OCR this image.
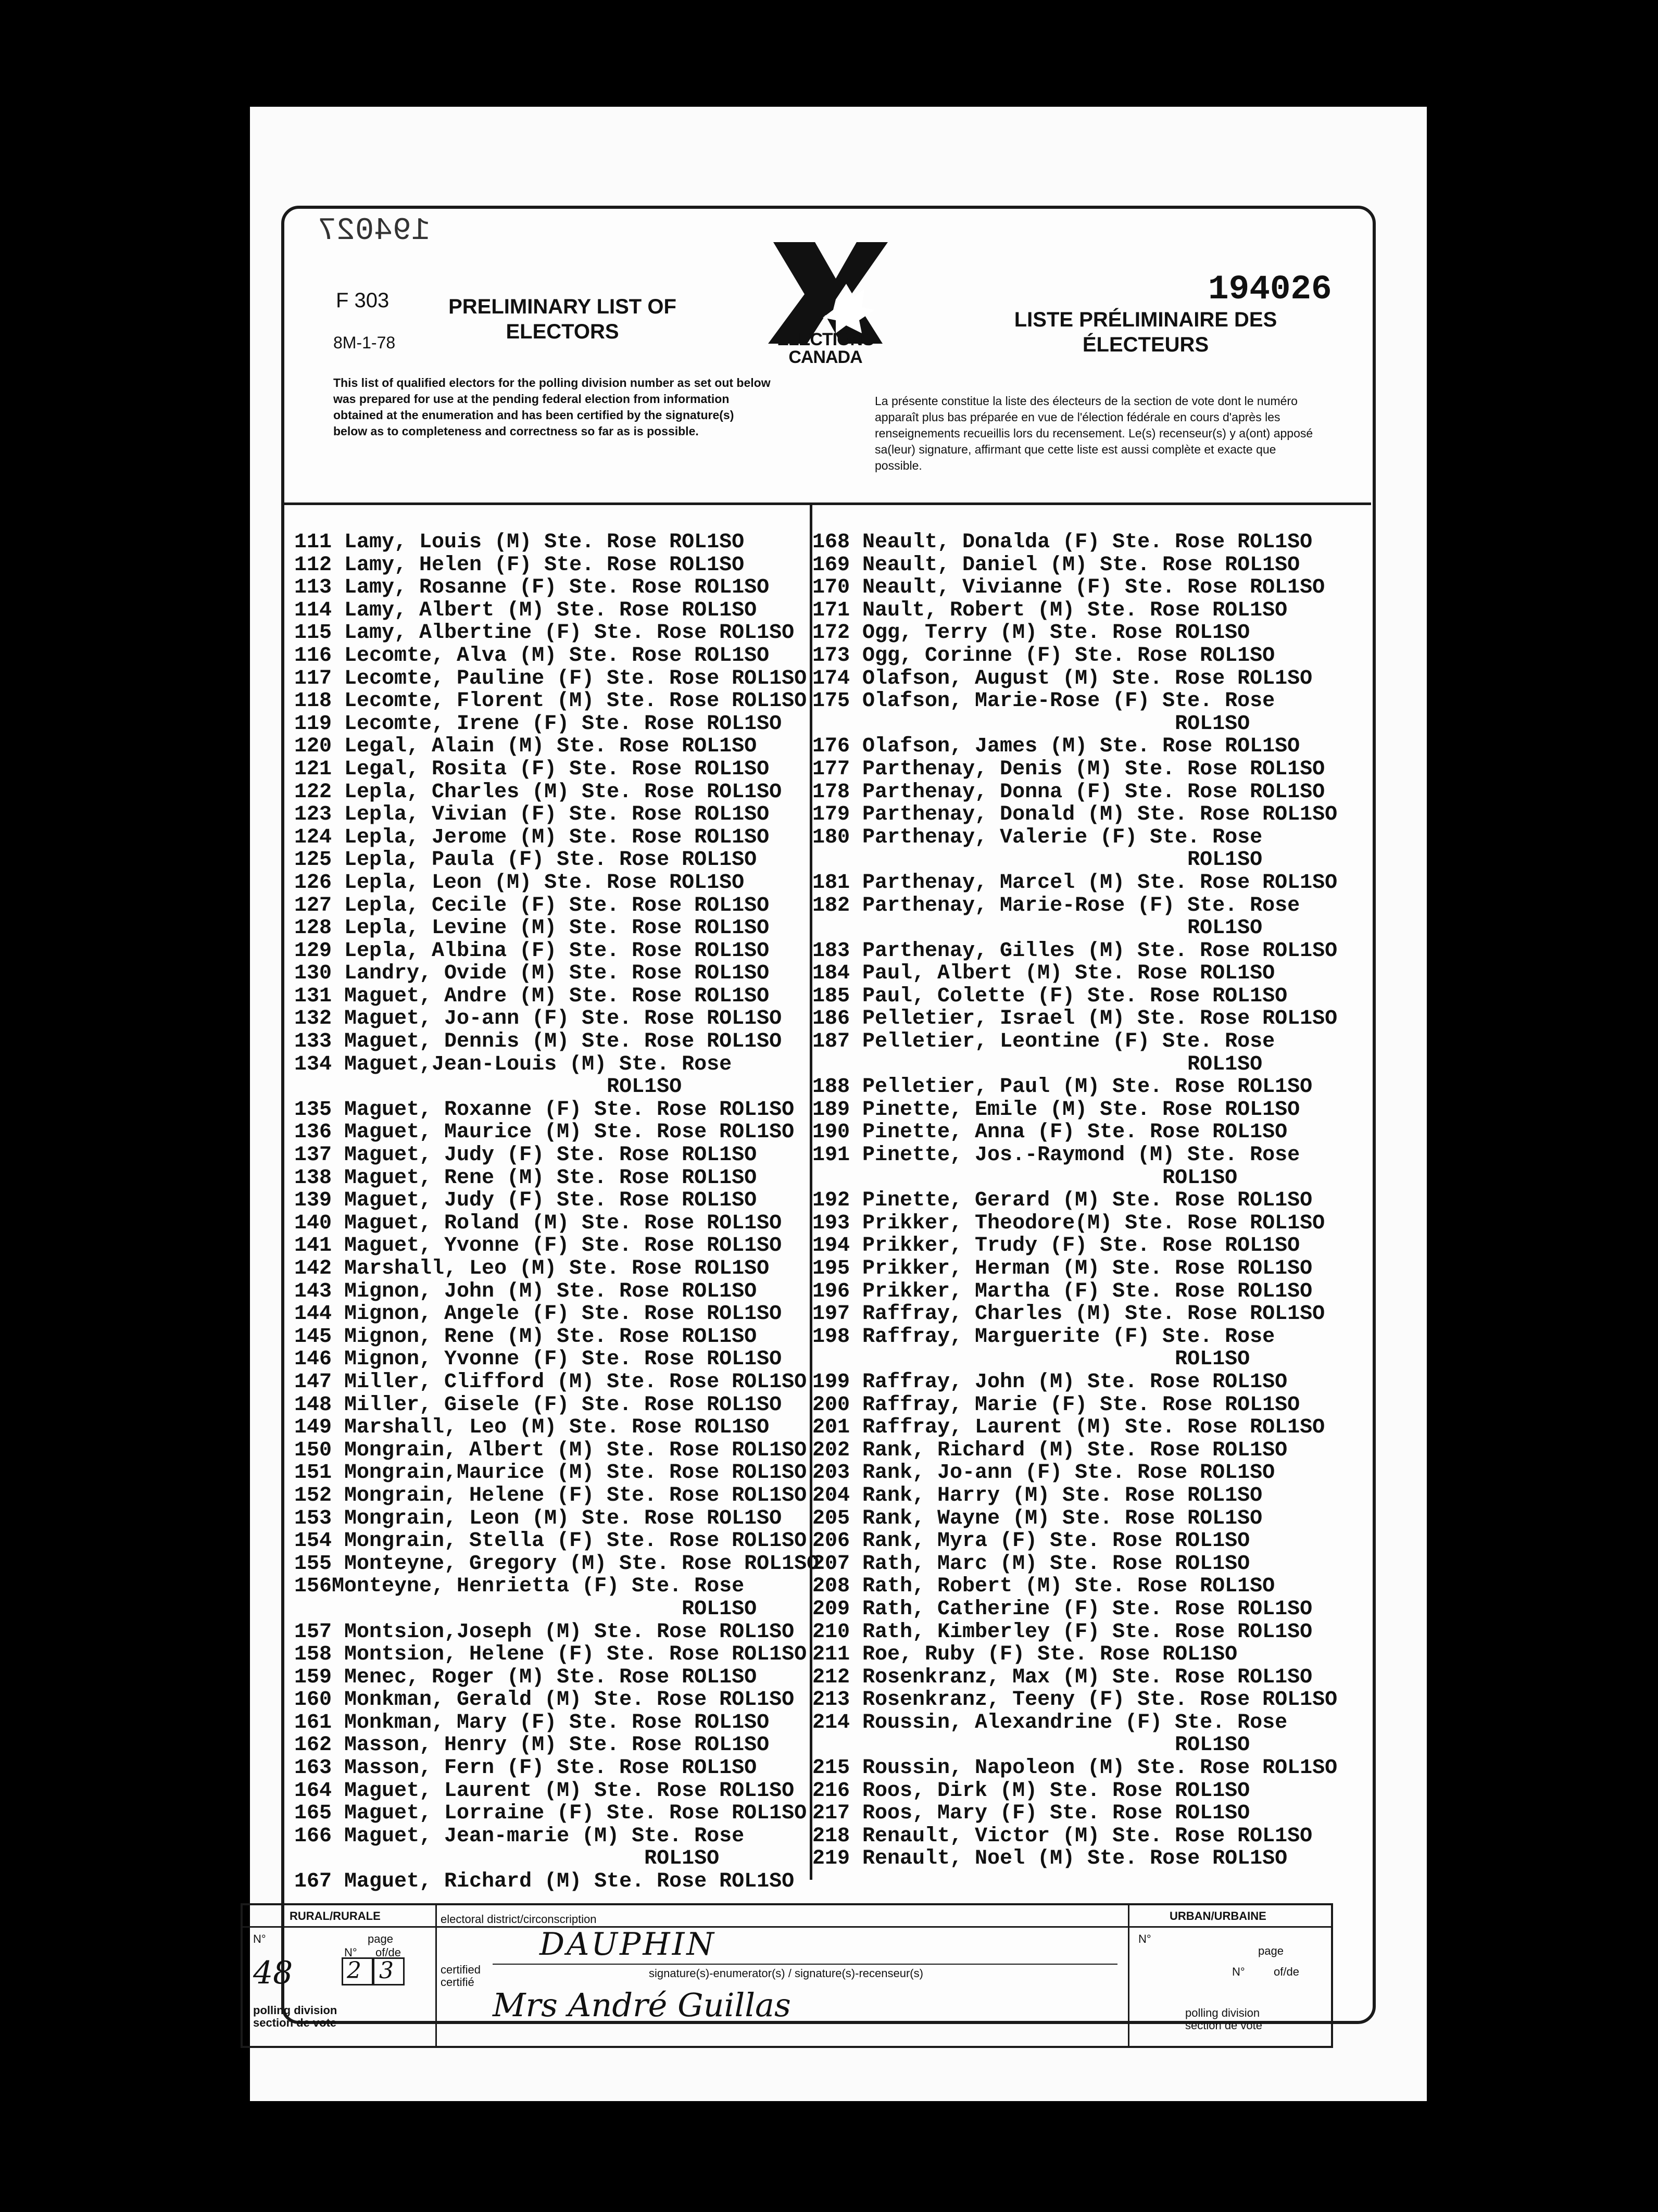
194027
F 303
8M-1-78
PRELIMINARY LIST OF ELECTORS	ELECTIONS CANADA
194026
LISTE PRÉLIMINAIRE DES ÉLECTEURS
This list of qualified electors for the polling division number as set out below was prepared for use at the pending federal election from information obtained at the enumeration and has been certified by the signature(s) below as to completeness and correctness so far as is possible.
La présente constitue la liste des électeurs de la section de vote dont le numéro apparaît plus bas préparée en vue de l'élection fédérale en cours d'après les renseignements recueillis lors du recensement. Le(s) recenseur(s) y a(ont) apposé sa(leur) signature, affirmant que cette liste est aussi complète et exacte que possible.
111 Lamy, Louis (M) Ste. Rose ROL1SO
112 Lamy, Helen (F) Ste. Rose ROL1SO
113 Lamy, Rosanne (F) Ste. Rose ROL1SO
114 Lamy, Albert (M) Ste. Rose ROL1SO
115 Lamy, Albertine (F) Ste. Rose ROL1SO
116 Lecomte, Alva (M) Ste. Rose ROL1SO
117 Lecomte, Pauline (F) Ste. Rose ROL1SO
118 Lecomte, Florent (M) Ste. Rose ROL1SO
119 Lecomte, Irene (F) Ste. Rose ROL1SO
120 Legal, Alain (M) Ste. Rose ROL1SO
121 Legal, Rosita (F) Ste. Rose ROL1SO
122 Lepla, Charles (M) Ste. Rose ROL1SO
123 Lepla, Vivian (F) Ste. Rose ROL1SO
124 Lepla, Jerome (M) Ste. Rose ROL1SO
125 Lepla, Paula (F) Ste. Rose ROL1SO
126 Lepla, Leon (M) Ste. Rose ROL1SO
127 Lepla, Cecile (F) Ste. Rose ROL1SO
128 Lepla, Levine (M) Ste. Rose ROL1SO
129 Lepla, Albina (F) Ste. Rose ROL1SO
130 Landry, Ovide (M) Ste. Rose ROL1SO
131 Maguet, Andre (M) Ste. Rose ROL1SO
132 Maguet, Jo-ann (F) Ste. Rose ROL1SO
133 Maguet, Dennis (M) Ste. Rose ROL1SO
134 Maguet,Jean-Louis (M) Ste. Rose
ROL1SO
135 Maguet, Roxanne (F) Ste. Rose ROL1SO
136 Maguet, Maurice (M) Ste. Rose ROL1SO
137 Maguet, Judy (F) Ste. Rose ROL1SO
138 Maguet, Rene (M) Ste. Rose ROL1SO
139 Maguet, Judy (F) Ste. Rose ROL1SO
140 Maguet, Roland (M) Ste. Rose ROL1SO
141 Maguet, Yvonne (F) Ste. Rose ROL1SO
142 Marshall, Leo (M) Ste. Rose ROL1SO
143 Mignon, John (M) Ste. Rose ROL1SO
144 Mignon, Angele (F) Ste. Rose ROL1SO
145 Mignon, Rene (M) Ste. Rose ROL1SO
146 Mignon, Yvonne (F) Ste. Rose ROL1SO
147 Miller, Clifford (M) Ste. Rose ROL1SO
148 Miller, Gisele (F) Ste. Rose ROL1SO
149 Marshall, Leo (M) Ste. Rose ROL1SO
150 Mongrain, Albert (M) Ste. Rose ROL1SO
151 Mongrain,Maurice (M) Ste. Rose ROL1SO
152 Mongrain, Helene (F) Ste. Rose ROL1SO
153 Mongrain, Leon (M) Ste. Rose ROL1SO
154 Mongrain, Stella (F) Ste. Rose ROL1SO
155 Monteyne, Gregory (M) Ste. Rose ROL1SO
156Monteyne, Henrietta (F) Ste. Rose
ROL1SO
157 Montsion,Joseph (M) Ste. Rose ROL1SO
158 Montsion, Helene (F) Ste. Rose ROL1SO
159 Menec, Roger (M) Ste. Rose ROL1SO
160 Monkman, Gerald (M) Ste. Rose ROL1SO
161 Monkman, Mary (F) Ste. Rose ROL1SO
162 Masson, Henry (M) Ste. Rose ROL1SO
163 Masson, Fern (F) Ste. Rose ROL1SO
164 Maguet, Laurent (M) Ste. Rose ROL1SO
165 Maguet, Lorraine (F) Ste. Rose ROL1SO
166 Maguet, Jean-marie (M) Ste. Rose
ROL1SO
167 Maguet, Richard (M) Ste. Rose ROL1SO
168 Neault, Donalda (F) Ste. Rose ROL1SO
169 Neault, Daniel (M) Ste. Rose ROL1SO
170 Neault, Vivianne (F) Ste. Rose ROL1SO
171 Nault, Robert (M) Ste. Rose ROL1SO
172 Ogg, Terry (M) Ste. Rose ROL1SO
173 Ogg, Corinne (F) Ste. Rose ROL1SO
174 Olafson, August (M) Ste. Rose ROL1SO
175 Olafson, Marie-Rose (F) Ste. Rose
ROL1SO
176 Olafson, James (M) Ste. Rose ROL1SO
177 Parthenay, Denis (M) Ste. Rose ROL1SO
178 Parthenay, Donna (F) Ste. Rose ROL1SO
179 Parthenay, Donald (M) Ste. Rose ROL1SO
180 Parthenay, Valerie (F) Ste. Rose
ROL1SO
181 Parthenay, Marcel (M) Ste. Rose ROL1SO
182 Parthenay, Marie-Rose (F) Ste. Rose
ROL1SO
183 Parthenay, Gilles (M) Ste. Rose ROL1SO
184 Paul, Albert (M) Ste. Rose ROL1SO
185 Paul, Colette (F) Ste. Rose ROL1SO
186 Pelletier, Israel (M) Ste. Rose ROL1SO
187 Pelletier, Leontine (F) Ste. Rose
ROL1SO
188 Pelletier, Paul (M) Ste. Rose ROL1SO
189 Pinette, Emile (M) Ste. Rose ROL1SO
190 Pinette, Anna (F) Ste. Rose ROL1SO
191 Pinette, Jos.-Raymond (M) Ste. Rose
ROL1SO
192 Pinette, Gerard (M) Ste. Rose ROL1SO
193 Prikker, Theodore(M) Ste. Rose ROL1SO
194 Prikker, Trudy (F) Ste. Rose ROL1SO
195 Prikker, Herman (M) Ste. Rose ROL1SO
196 Prikker, Martha (F) Ste. Rose ROL1SO
197 Raffray, Charles (M) Ste. Rose ROL1SO
198 Raffray, Marguerite (F) Ste. Rose
ROL1SO
199 Raffray, John (M) Ste. Rose ROL1SO
200 Raffray, Marie (F) Ste. Rose ROL1SO
201 Raffray, Laurent (M) Ste. Rose ROL1SO
202 Rank, Richard (M) Ste. Rose ROL1SO
203 Rank, Jo-ann (F) Ste. Rose ROL1SO
204 Rank, Harry (M) Ste. Rose ROL1SO
205 Rank, Wayne (M) Ste. Rose ROL1SO
206 Rank, Myra (F) Ste. Rose ROL1SO
207 Rath, Marc (M) Ste. Rose ROL1SO
208 Rath, Robert (M) Ste. Rose ROL1SO
209 Rath, Catherine (F) Ste. Rose ROL1SO
210 Rath, Kimberley (F) Ste. Rose ROL1SO
211 Roe, Ruby (F) Ste. Rose ROL1SO
212 Rosenkranz, Max (M) Ste. Rose ROL1SO
213 Rosenkranz, Teeny (F) Ste. Rose ROL1SO
214 Roussin, Alexandrine (F) Ste. Rose
ROL1SO
215 Roussin, Napoleon (M) Ste. Rose ROL1SO
216 Roos, Dirk (M) Ste. Rose ROL1SO
217 Roos, Mary (F) Ste. Rose ROL1SO
218 Renault, Victor (M) Ste. Rose ROL1SO
219 Renault, Noel (M) Ste. Rose ROL1SO
RURAL/RURALE	electoral district/circonscription
N°	page
N° of/de
48 2 3	certified certifié
polling division section de vote
DAUPHIN
signature(s)-enumerator(s) / signature(s)-recenseur(s)
Mrs André Guillas
URBAN/URBAINE
N°
page
N°	of/de
polling division section de vote
